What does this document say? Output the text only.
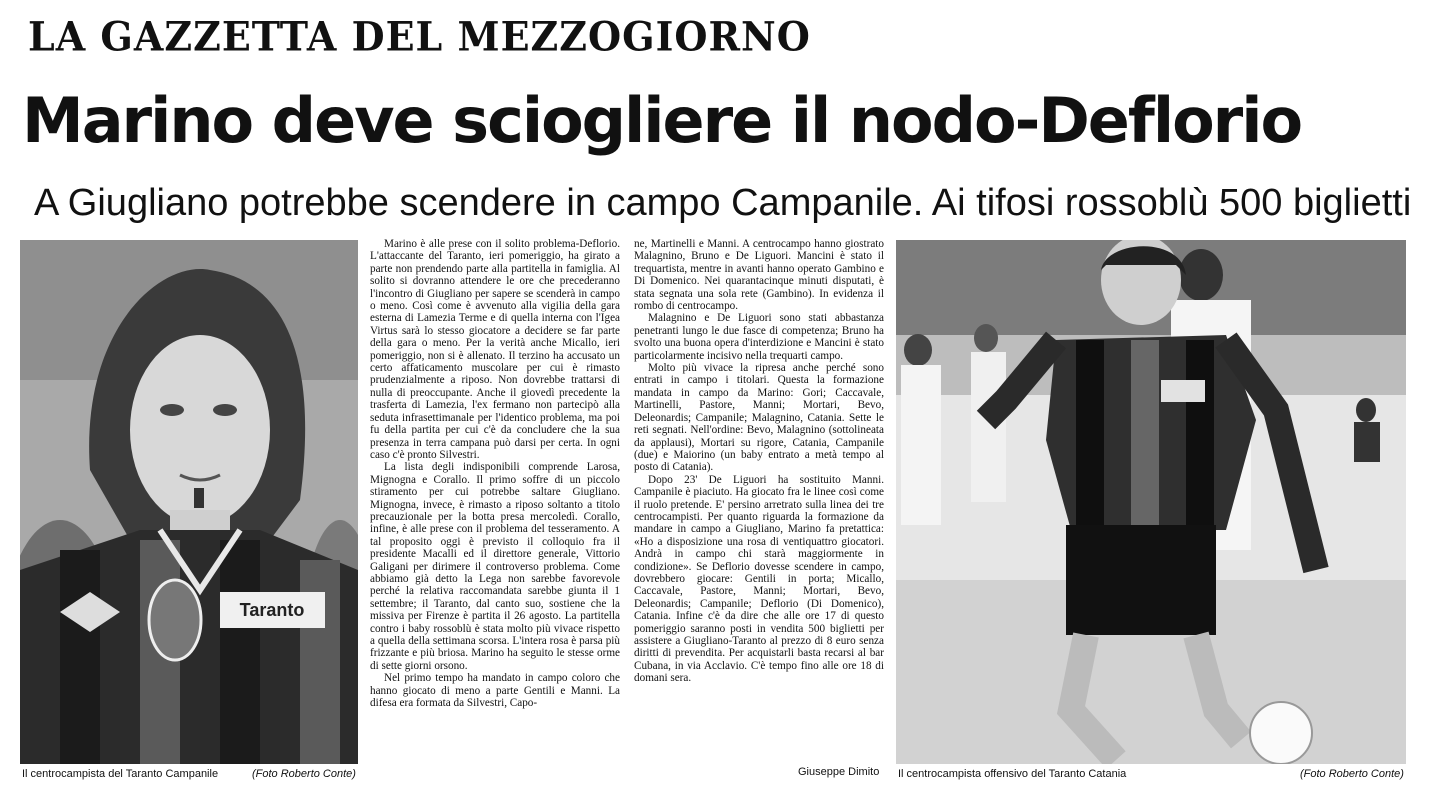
LA GAZZETTA DEL MEZZOGIORNO
Marino deve sciogliere il nodo-Deflorio
A Giugliano potrebbe scendere in campo Campanile. Ai tifosi rossoblù 500 biglietti
Taranto
Il centrocampista del Taranto Campanile	(Foto Roberto Conte)

Marino è alle prese con il solito problema-Deflorio. L'attaccante del Taranto, ieri pomeriggio, ha girato a parte non prendendo parte alla partitella in famiglia. Al solito si dovranno attendere le ore che precederanno l'incontro di Giugliano per sapere se scenderà in campo o meno. Così come è avvenuto alla vigilia della gara esterna di Lamezia Terme e di quella interna con l'Igea Virtus sarà lo stesso giocatore a decidere se far parte della gara o meno. Per la verità anche Micallo, ieri pomeriggio, non si è allenato. Il terzino ha accusato un certo affaticamento muscolare per cui è rimasto prudenzialmente a riposo. Non dovrebbe trattarsi di nulla di preoccupante. Anche il giovedì precedente la trasferta di Lamezia, l'ex fermano non partecipò alla seduta infrasettimanale per l'identico problema, ma poi fu della partita per cui c'è da concludere che la sua presenza in terra campana può darsi per certa. In ogni caso c'è pronto Silvestri.

La lista degli indisponibili comprende Larosa, Mignogna e Corallo. Il primo soffre di un piccolo stiramento per cui potrebbe saltare Giugliano. Mignogna, invece, è rimasto a riposo soltanto a titolo precauzionale per la botta presa mercoledì. Corallo, infine, è alle prese con il problema del tesseramento. A tal proposito oggi è previsto il colloquio fra il presidente Macalli ed il direttore generale, Vittorio Galigani per dirimere il controverso problema. Come abbiamo già detto la Lega non sarebbe favorevole perché la relativa raccomandata sarebbe giunta il 1 settembre; il Taranto, dal canto suo, sostiene che la missiva per Firenze è partita il 26 agosto. La partitella contro i baby rossoblù è stata molto più vivace rispetto a quella della settimana scorsa. L'intera rosa è parsa più frizzante e più briosa. Marino ha seguito le stesse orme di sette giorni orsono.

Nel primo tempo ha mandato in campo coloro che hanno giocato di meno a parte Gentili e Manni. La difesa era formata da Silvestri, Capo-

ne, Martinelli e Manni. A centrocampo hanno giostrato Malagnino, Bruno e De Liguori. Mancini è stato il trequartista, mentre in avanti hanno operato Gambino e Di Domenico. Nei quarantacinque minuti disputati, è stata segnata una sola rete (Gambino). In evidenza il rombo di centrocampo.

Malagnino e De Liguori sono stati abbastanza penetranti lungo le due fasce di competenza; Bruno ha svolto una buona opera d'interdizione e Mancini è stato particolarmente incisivo nella trequarti campo.

Molto più vivace la ripresa anche perché sono entrati in campo i titolari. Questa la formazione mandata in campo da Marino: Gori; Caccavale, Martinelli, Pastore, Manni; Mortari, Bevo, Deleonardis; Campanile; Malagnino, Catania. Sette le reti segnati. Nell'ordine: Bevo, Malagnino (sottolineata da applausi), Mortari su rigore, Catania, Campanile (due) e Maiorino (un baby entrato a metà tempo al posto di Catania).

Dopo 23' De Liguori ha sostituito Manni. Campanile è piaciuto. Ha giocato fra le linee così come il ruolo pretende. E' persino arretrato sulla linea dei tre centrocampisti. Per quanto riguarda la formazione da mandare in campo a Giugliano, Marino fa pretattica: «Ho a disposizione una rosa di ventiquattro giocatori. Andrà in campo chi starà maggiormente in condizione». Se Deflorio dovesse scendere in campo, dovrebbero giocare: Gentili in porta; Micallo, Caccavale, Pastore, Manni; Mortari, Bevo, Deleonardis; Campanile; Deflorio (Di Domenico), Catania. Infine c'è da dire che alle ore 17 di questo pomeriggio saranno posti in vendita 500 biglietti per assistere a Giugliano-Taranto al prezzo di 8 euro senza diritti di prevendita. Per acquistarli basta recarsi al bar Cubana, in via Acclavio. C'è tempo fino alle ore 18 di domani sera.

Giuseppe Dimito Il centrocampista offensivo del Taranto Catania	(Foto Roberto Conte)
